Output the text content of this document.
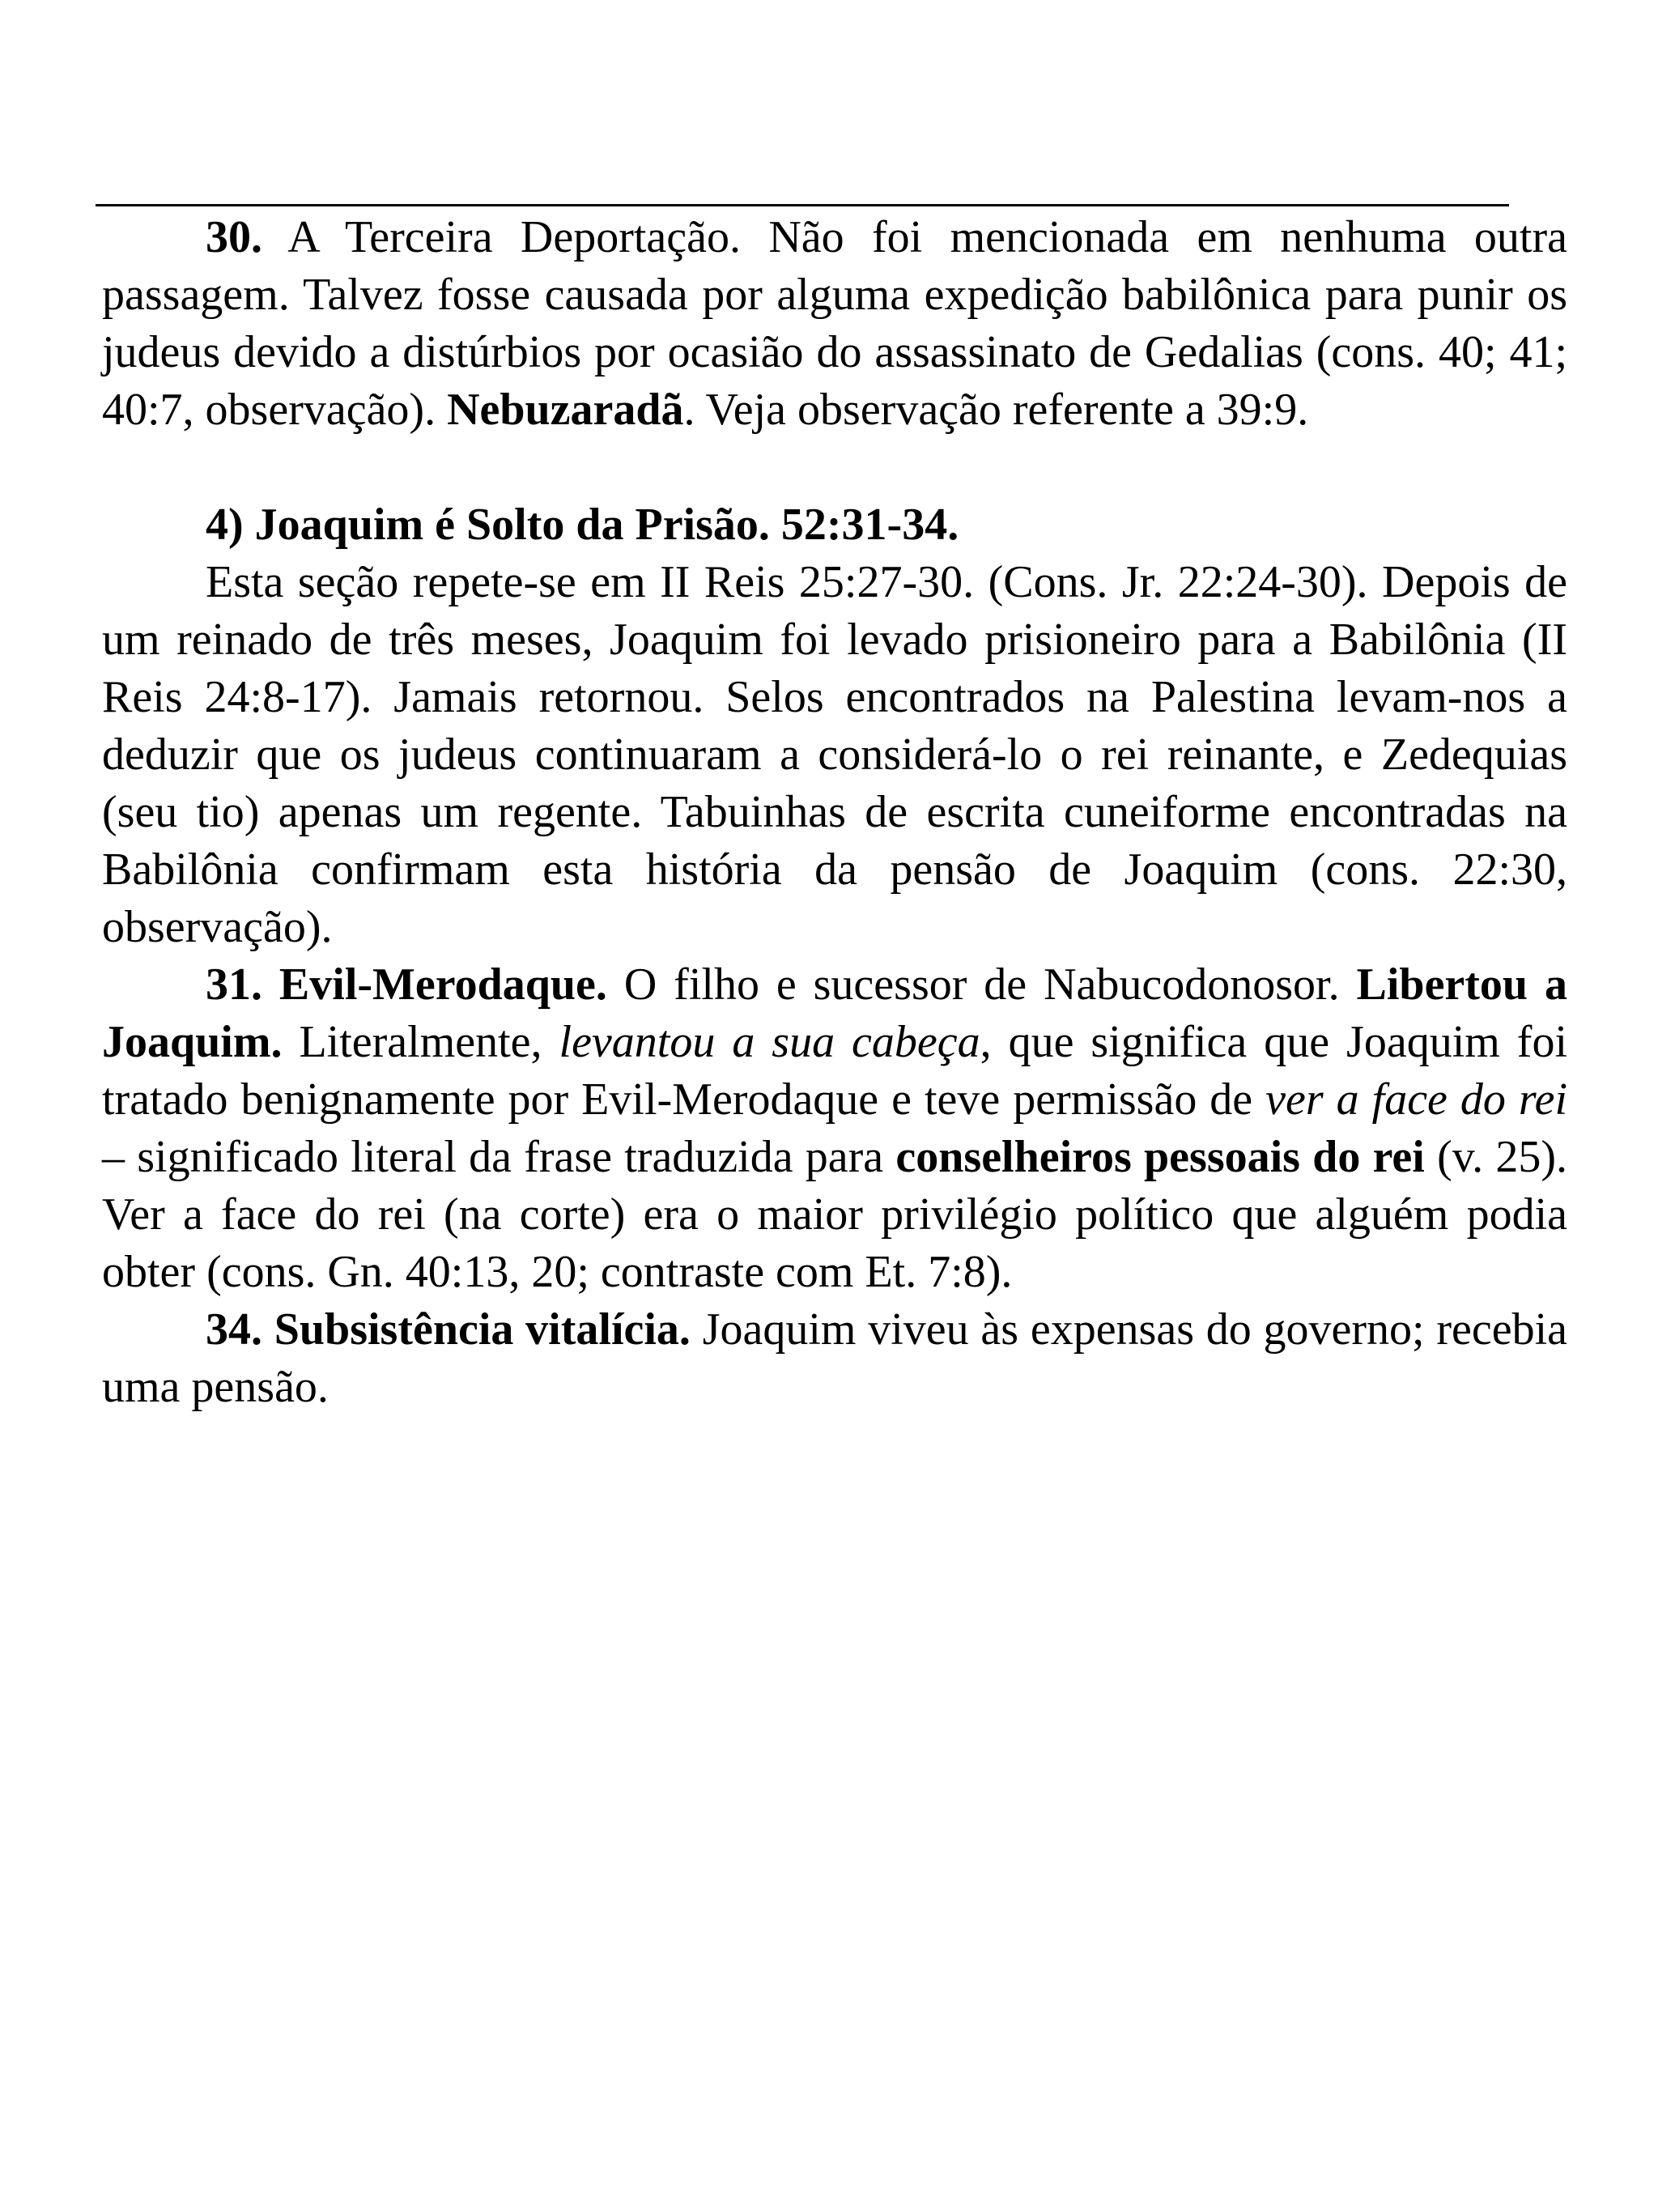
30. A Terceira Deportação. Não foi mencionada em nenhuma outra passagem. Talvez fosse causada por alguma expedição babilônica para punir os judeus devido a distúrbios por ocasião do assassinato de Gedalias (cons. 40; 41; 40:7, observação). Nebuzaradã. Veja observação referente a 39:9.

4) Joaquim é Solto da Prisão. 52:31-34.

Esta seção repete-se em II Reis 25:27-30. (Cons. Jr. 22:24-30). Depois de um reinado de três meses, Joaquim foi levado prisioneiro para a Babilônia (II Reis 24:8-17). Jamais retornou. Selos encontrados na Palestina levam-nos a deduzir que os judeus continuaram a considerá-lo o rei reinante, e Zedequias (seu tio) apenas um regente. Tabuinhas de escrita cuneiforme encontradas na Babilônia confirmam esta história da pensão de Joaquim (cons. 22:30, observação).

31. Evil-Merodaque. O filho e sucessor de Nabucodonosor. Libertou a Joaquim. Literalmente, levantou a sua cabeça, que significa que Joaquim foi tratado benignamente por Evil-Merodaque e teve permissão de ver a face do rei – significado literal da frase traduzida para conselheiros pessoais do rei (v. 25). Ver a face do rei (na corte) era o maior privilégio político que alguém podia obter (cons. Gn. 40:13, 20; contraste com Et. 7:8).

34. Subsistência vitalícia. Joaquim viveu às expensas do governo; recebia uma pensão.
